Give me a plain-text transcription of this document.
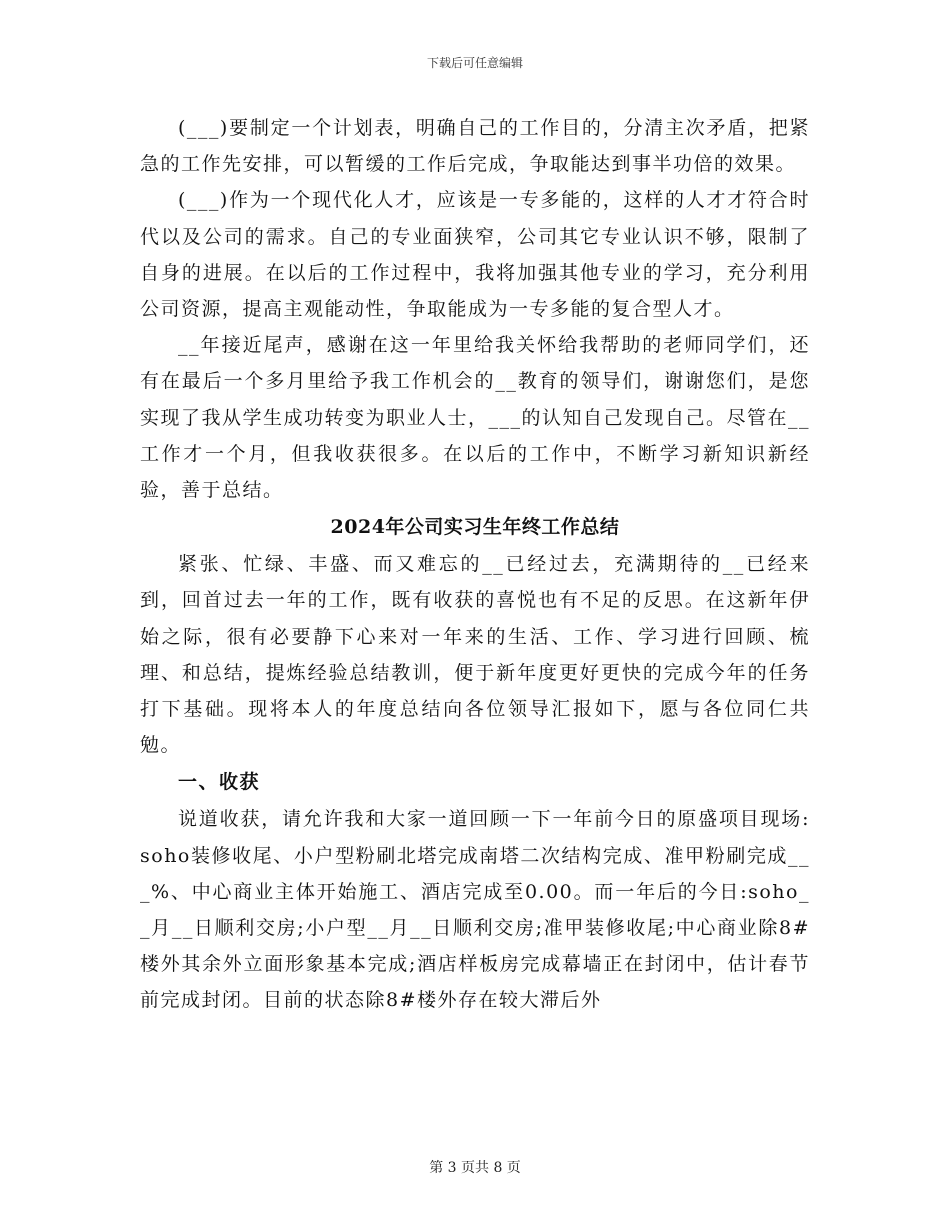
下载后可任意编辑

(___)要制定一个计划表，明确自己的工作目的，分清主次矛盾，把紧急的工作先安排，可以暂缓的工作后完成，争取能达到事半功倍的效果。

(___)作为一个现代化人才，应该是一专多能的，这样的人才才符合时代以及公司的需求。自己的专业面狭窄，公司其它专业认识不够，限制了自身的进展。在以后的工作过程中，我将加强其他专业的学习，充分利用公司资源，提高主观能动性，争取能成为一专多能的复合型人才。

__年接近尾声，感谢在这一年里给我关怀给我帮助的老师同学们，还有在最后一个多月里给予我工作机会的__教育的领导们，谢谢您们，是您实现了我从学生成功转变为职业人士，___的认知自己发现自己。尽管在__工作才一个月，但我收获很多。在以后的工作中，不断学习新知识新经验，善于总结。

2024年公司实习生年终工作总结

紧张、忙绿、丰盛、而又难忘的__已经过去，充满期待的__已经来到，回首过去一年的工作，既有收获的喜悦也有不足的反思。在这新年伊始之际，很有必要静下心来对一年来的生活、工作、学习进行回顾、梳理、和总结，提炼经验总结教训，便于新年度更好更快的完成今年的任务打下基础。现将本人的年度总结向各位领导汇报如下，愿与各位同仁共勉。

一、收获

说道收获，请允许我和大家一道回顾一下一年前今日的原盛项目现场:soho装修收尾、小户型粉刷北塔完成南塔二次结构完成、准甲粉刷完成___%、中心商业主体开始施工、酒店完成至0.00。而一年后的今日:soho__月__日顺利交房;小户型__月__日顺利交房;准甲装修收尾;中心商业除8#楼外其余外立面形象基本完成;酒店样板房完成幕墙正在封闭中，估计春节前完成封闭。目前的状态除8#楼外存在较大滞后外

第 3 页共 8 页
